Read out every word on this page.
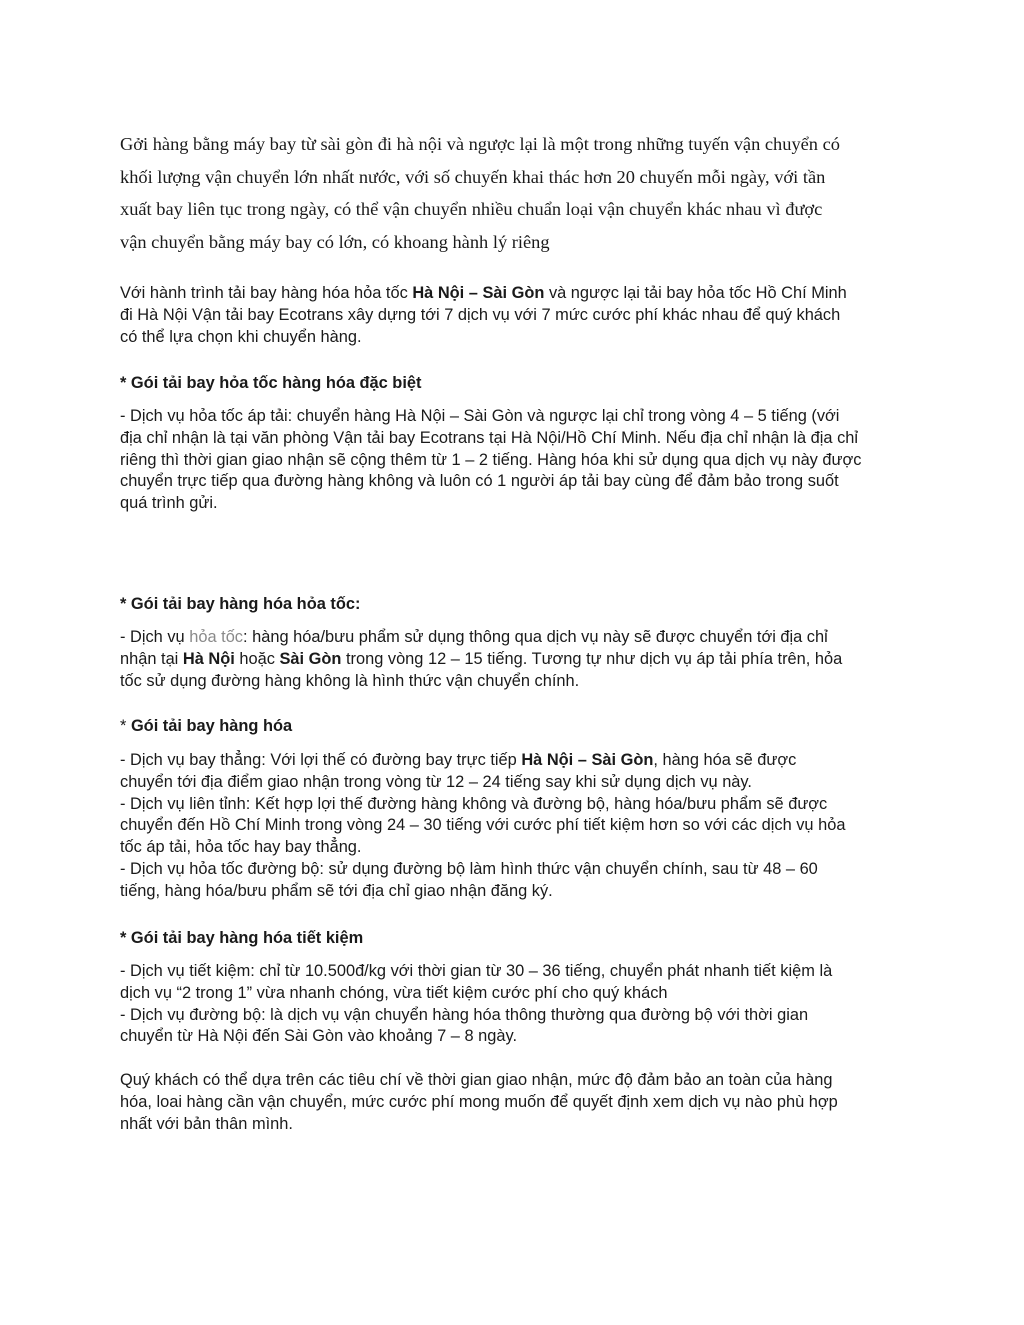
Gởi hàng bằng máy bay từ sài gòn đi hà nội và ngược lại là một trong những tuyến vận chuyển có
khối lượng vận chuyển lớn nhất nước, với số chuyến khai thác hơn 20 chuyến mỗi ngày, với tần
xuất bay liên tục trong ngày, có thể vận chuyển nhiều chuẩn loại vận chuyển khác nhau vì được
vận chuyển bằng máy bay có lớn, có khoang hành lý riêng

Với hành trình tải bay hàng hóa hỏa tốc Hà Nội – Sài Gòn và ngược lại tải bay hỏa tốc Hồ Chí Minh
đi Hà Nội Vận tải bay Ecotrans xây dựng tới 7 dịch vụ với 7 mức cước phí khác nhau để quý khách
có thể lựa chọn khi chuyển hàng.

* Gói tải bay hỏa tốc hàng hóa đặc biệt

- Dịch vụ hỏa tốc áp tải: chuyển hàng Hà Nội – Sài Gòn và ngược lại chỉ trong vòng 4 – 5 tiếng (với
địa chỉ nhận là tại văn phòng Vận tải bay Ecotrans tại Hà Nội/Hồ Chí Minh. Nếu địa chỉ nhận là địa chỉ
riêng thì thời gian giao nhận sẽ cộng thêm từ 1 – 2 tiếng. Hàng hóa khi sử dụng qua dịch vụ này được
chuyển trực tiếp qua đường hàng không và luôn có 1 người áp tải bay cùng để đảm bảo trong suốt
quá trình gửi.

* Gói tải bay hàng hóa hỏa tốc:

- Dịch vụ hỏa tốc: hàng hóa/bưu phẩm sử dụng thông qua dịch vụ này sẽ được chuyển tới địa chỉ
nhận tại Hà Nội hoặc Sài Gòn trong vòng 12 – 15 tiếng. Tương tự như dịch vụ áp tải phía trên, hỏa
tốc sử dụng đường hàng không là hình thức vận chuyển chính.

* Gói tải bay hàng hóa

- Dịch vụ bay thẳng: Với lợi thế có đường bay trực tiếp Hà Nội – Sài Gòn, hàng hóa sẽ được
chuyển tới địa điểm giao nhận trong vòng từ 12 – 24 tiếng say khi sử dụng dịch vụ này.
- Dịch vụ liên tỉnh: Kết hợp lợi thế đường hàng không và đường bộ, hàng hóa/bưu phẩm sẽ được
chuyển đến Hồ Chí Minh trong vòng 24 – 30 tiếng với cước phí tiết kiệm hơn so với các dịch vụ hỏa
tốc áp tải, hỏa tốc hay bay thẳng.
- Dịch vụ hỏa tốc đường bộ: sử dụng đường bộ làm hình thức vận chuyển chính, sau từ 48 – 60
tiếng, hàng hóa/bưu phẩm sẽ tới địa chỉ giao nhận đăng ký.

* Gói tải bay hàng hóa tiết kiệm

- Dịch vụ tiết kiệm: chỉ từ 10.500đ/kg với thời gian từ 30 – 36 tiếng, chuyển phát nhanh tiết kiệm là
dịch vụ “2 trong 1” vừa nhanh chóng, vừa tiết kiệm cước phí cho quý khách
- Dịch vụ đường bộ: là dịch vụ vận chuyển hàng hóa thông thường qua đường bộ với thời gian
chuyển từ Hà Nội đến Sài Gòn vào khoảng 7 – 8 ngày.

Quý khách có thể dựa trên các tiêu chí về thời gian giao nhận, mức độ đảm bảo an toàn của hàng
hóa, loai hàng cần vận chuyển, mức cước phí mong muốn để quyết định xem dịch vụ nào phù hợp
nhất với bản thân mình.
